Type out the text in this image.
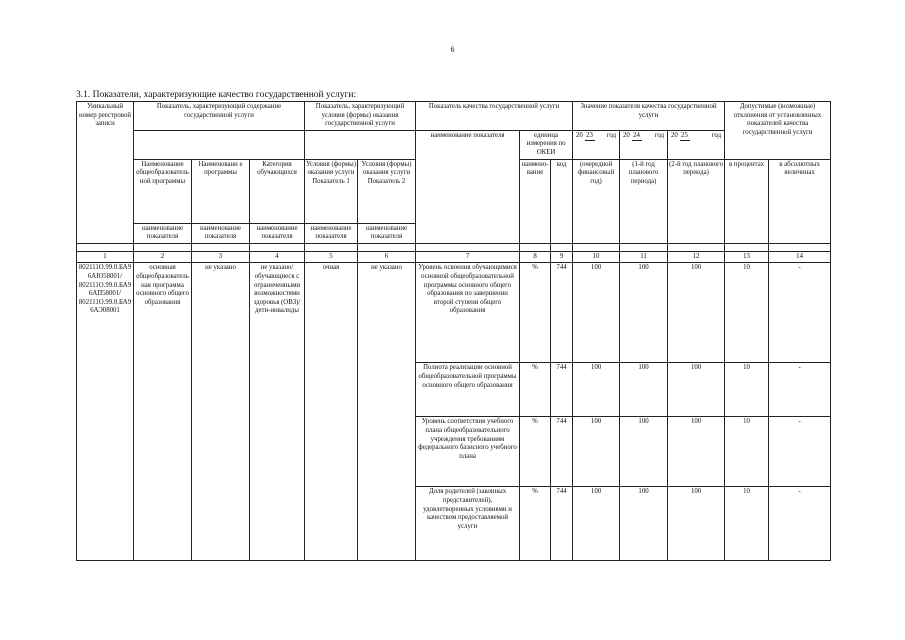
6
3.1. Показатели, характеризующие качество государственной услуги:
Уникальный номер реестровой записи	Показатель, характеризующий содержание государственной услуги			Показатель, характеризующий условия (формы) оказания государственной услуги		Показатель качества государственной услуги			Значение показателя качества государственной услуги			Допустимые (возможные) отклонения от установленных показателей качества государственной услуги	
						наименование показателя	единица измерения по ОКЕИ		20 23 год	20 24 год	20 25 год		

	Наименование общеобразовательной программы	Наименовани е программы	Категория обучающихся	Условия (формы) оказания услуги Показатель 1	Условия (формы) оказания услуги Показатель 2		наимено-вание	код	(очередной финансовый год)	(1-й год планового периода)	(2-й год планового периода)	в процентах	в абсолютных величинах
	наименование показателя	наименование показателя	наименование показателя	наименование показателя	наименование показателя								

1	2	3	4	5	6	7	8	9	10	11	12	13	14
802111О.99.0.БА96АЮ58001/ 802111О.99.0.БА96АП58001/ 802111О.99.0.БА96АЭ08001	основная общеобразовательная программа основного общего образования	не указано	не указано/ обучающиеся с ограниченными возможностями здоровья (ОВЗ)/ дети-инвалиды	очная	не указано	Уровень освоения обучающимися основной общеобразовательной программы основного общего образования по завершении второй ступени общего образования	%	744	100	100	100	10	-
						Полнота реализации основной общеобразовательной программы основного общего образования	%	744	100	100	100	10	-
						Уровень соответствия учебного плана общеобразовательного учреждения требованиям федерального базисного учебного плана	%	744	100	100	100	10	-
						Доля родителей (законных представителей), удовлетворенных условиями и качеством предоставляемой услуги	%	744	100	100	100	10	-
